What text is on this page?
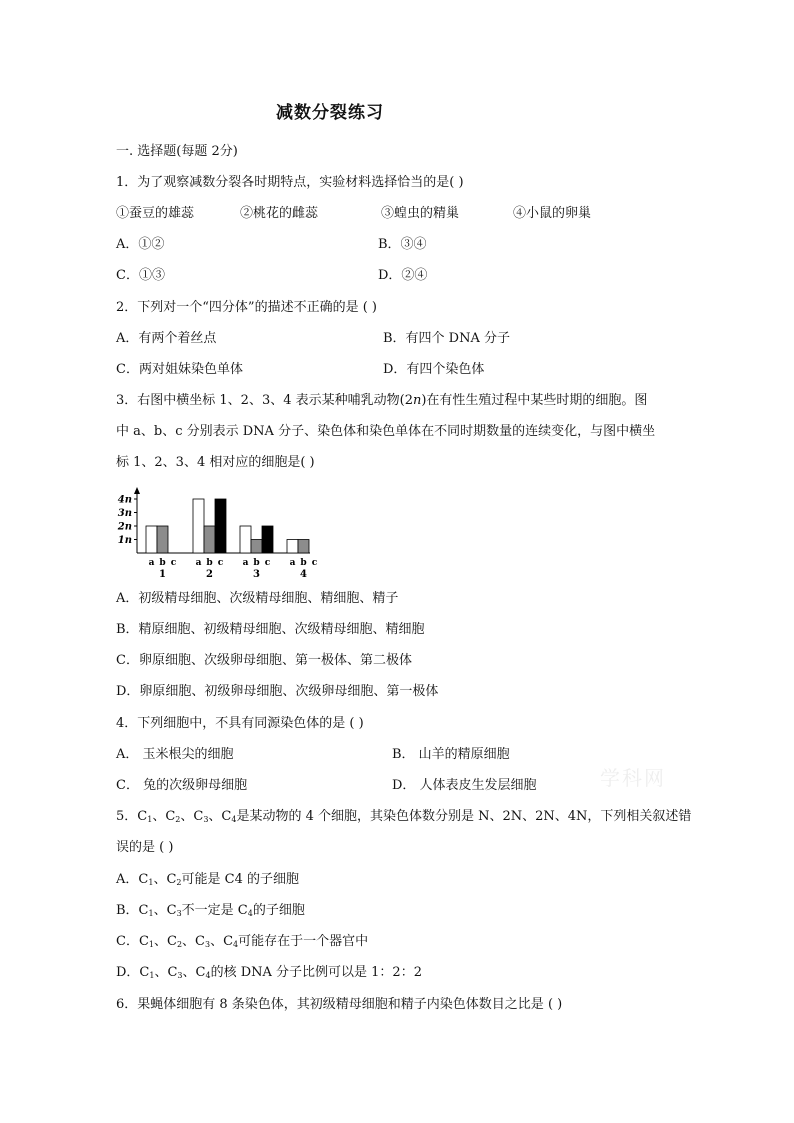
减数分裂练习
一. 选择题(每题 2分)
1．为了观察减数分裂各时期特点，实验材料选择恰当的是( )
①蚕豆的雄蕊	②桃花的雌蕊	③蝗虫的精巢	④小鼠的卵巢
A．①②	B．③④
C．①③	D．②④
2．下列对一个“四分体”的描述不正确的是 ( )
A．有两个着丝点	B．有四个 DNA 分子
C．两对姐妹染色单体	D．有四个染色体
3．右图中横坐标 1、2、3、4 表示某种哺乳动物(2n)在有性生殖过程中某些时期的细胞。图
中 a、b、c 分别表示 DNA 分子、染色体和染色单体在不同时期数量的连续变化，与图中横坐
标 1、2、3、4 相对应的细胞是( )
1n
2n
3n
4n
a b c
1
a b c
2
a b c
3
a b c
4
A．初级精母细胞、次级精母细胞、精细胞、精子
B．精原细胞、初级精母细胞、次级精母细胞、精细胞
C．卵原细胞、次级卵母细胞、第一极体、第二极体
D．卵原细胞、初级卵母细胞、次级卵母细胞、第一极体
4．下列细胞中，不具有同源染色体的是 ( )
A． 玉米根尖的细胞	B． 山羊的精原细胞
C． 兔的次级卵母细胞	D． 人体表皮生发层细胞	学科网
5．$C_1$、$C_2$、$C_3$、$C_4$是某动物的 4 个细胞，其染色体数分别是 N、2N、2N、4N，下列相关叙述错
误的是 ( )
A．$C_1$、$C_2$可能是 C4 的子细胞
B．$C_1$、$C_3$不一定是 $C_4$的子细胞
C．$C_1$、$C_2$、$C_3$、$C_4$可能存在于一个器官中
D．$C_1$、$C_3$、$C_4$的核 DNA 分子比例可以是 1：2：2
6．果蝇体细胞有 8 条染色体，其初级精母细胞和精子内染色体数目之比是 ( )
